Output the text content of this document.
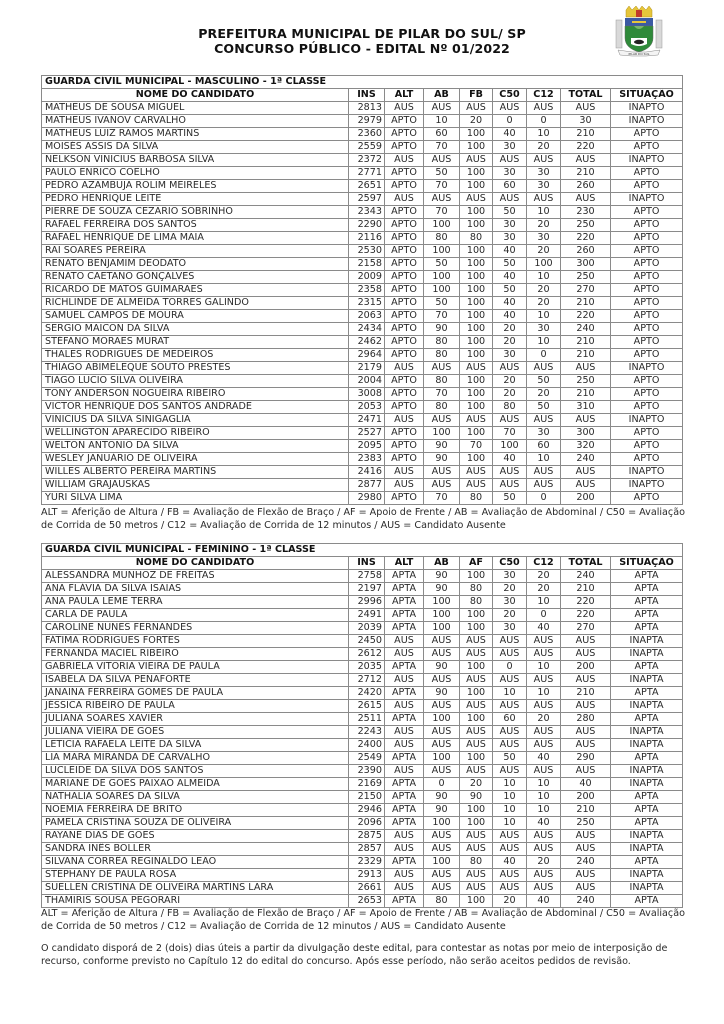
PREFEITURA MUNICIPAL DE PILAR DO SUL/ SP
CONCURSO PÚBLICO - EDITAL Nº 01/2022	PILAR DO SUL
GUARDA CÍVIL MUNICIPAL - MASCULINO - 1ª CLASSE								
NOME DO CANDIDATO	INS	ALT	AB	FB	C50	C12	TOTAL	SITUAÇÃO
MATHEUS DE SOUSA MIGUEL	2813	AUS	AUS	AUS	AUS	AUS	AUS	INAPTO
MATHEUS IVANOV CARVALHO	2979	APTO	10	20	0	0	30	INAPTO
MATHEUS LUIZ RAMOS MARTINS	2360	APTO	60	100	40	10	210	APTO
MOISÉS ASSIS DA SILVA	2559	APTO	70	100	30	20	220	APTO
NELKSON VINICIUS BARBOSA SILVA	2372	AUS	AUS	AUS	AUS	AUS	AUS	INAPTO
PAULO ENRICO COELHO	2771	APTO	50	100	30	30	210	APTO
PEDRO AZAMBUJA ROLIM MEIRELES	2651	APTO	70	100	60	30	260	APTO
PEDRO HENRIQUE LEITE	2597	AUS	AUS	AUS	AUS	AUS	AUS	INAPTO
PIERRE DE SOUZA CEZARIO SOBRINHO	2343	APTO	70	100	50	10	230	APTO
RAFAEL FERREIRA DOS SANTOS	2290	APTO	100	100	30	20	250	APTO
RAFAEL HENRIQUE DE LIMA MAIA	2116	APTO	80	80	30	30	220	APTO
RAI SOARES PEREIRA	2530	APTO	100	100	40	20	260	APTO
RENATO BENJAMIM DEODATO	2158	APTO	50	100	50	100	300	APTO
RENATO CAETANO GONÇALVES	2009	APTO	100	100	40	10	250	APTO
RICARDO DE MATOS GUIMARAES	2358	APTO	100	100	50	20	270	APTO
RICHLINDE DE ALMEIDA TORRES GALINDO	2315	APTO	50	100	40	20	210	APTO
SAMUEL CAMPOS DE MOURA	2063	APTO	70	100	40	10	220	APTO
SERGIO MAICON DA SILVA	2434	APTO	90	100	20	30	240	APTO
STÉFANO MORAES MURAT	2462	APTO	80	100	20	10	210	APTO
THALES RODRIGUES DE MEDEIROS	2964	APTO	80	100	30	0	210	APTO
THIAGO ABIMELEQUE SOUTO PRESTES	2179	AUS	AUS	AUS	AUS	AUS	AUS	INAPTO
TIAGO LUCIO SILVA OLIVEIRA	2004	APTO	80	100	20	50	250	APTO
TONY ANDERSON NOGUEIRA RIBEIRO	3008	APTO	70	100	20	20	210	APTO
VICTOR HENRIQUE DOS SANTOS ANDRADE	2053	APTO	80	100	80	50	310	APTO
VINICIUS DA SILVA SINIGAGLIA	2471	AUS	AUS	AUS	AUS	AUS	AUS	INAPTO
WELLINGTON APARECIDO RIBEIRO	2527	APTO	100	100	70	30	300	APTO
WELTON ANTONIO DA SILVA	2095	APTO	90	70	100	60	320	APTO
WESLEY JANUÁRIO DE OLIVEIRA	2383	APTO	90	100	40	10	240	APTO
WILLES ALBERTO PEREIRA MARTINS	2416	AUS	AUS	AUS	AUS	AUS	AUS	INAPTO
WILLIAM GRAJAUSKAS	2877	AUS	AUS	AUS	AUS	AUS	AUS	INAPTO
YURI SILVA LIMA	2980	APTO	70	80	50	0	200	APTO
ALT = Aferição de Altura / FB = Avaliação de Flexão de Braço / AF = Apoio de Frente / AB = Avaliação de Abdominal / C50 = Avaliação de Corrida de 50 metros / C12 = Avaliação de Corrida de 12 minutos / AUS = Candidato Ausente
GUARDA CÍVIL MUNICIPAL - FEMININO - 1ª CLASSE								
NOME DO CANDIDATO	INS	ALT	AB	AF	C50	C12	TOTAL	SITUAÇÃO
ALESSANDRA MUNHOZ DE FREITAS	2758	APTA	90	100	30	20	240	APTA
ANA FLÁVIA DA SILVA ISAIAS	2197	APTA	90	80	20	20	210	APTA
ANA PAULA LEME TERRA	2996	APTA	100	80	30	10	220	APTA
CARLA DE PAULA	2491	APTA	100	100	20	0	220	APTA
CAROLINE NUNES FERNANDES	2039	APTA	100	100	30	40	270	APTA
FÁTIMA RODRIGUES FORTES	2450	AUS	AUS	AUS	AUS	AUS	AUS	INAPTA
FERNANDA MACIEL RIBEIRO	2612	AUS	AUS	AUS	AUS	AUS	AUS	INAPTA
GABRIELA VITORIA VIEIRA DE PAULA	2035	APTA	90	100	0	10	200	APTA
ISABELA DA SILVA PENAFORTE	2712	AUS	AUS	AUS	AUS	AUS	AUS	INAPTA
JANAINA FERREIRA GOMES DE PAULA	2420	APTA	90	100	10	10	210	APTA
JÉSSICA RIBEIRO DE PAULA	2615	AUS	AUS	AUS	AUS	AUS	AUS	INAPTA
JULIANA SOARES XAVIER	2511	APTA	100	100	60	20	280	APTA
JULIANA VIEIRA DE GOES	2243	AUS	AUS	AUS	AUS	AUS	AUS	INAPTA
LETICIA RAFAELA LEITE DA SILVA	2400	AUS	AUS	AUS	AUS	AUS	AUS	INAPTA
LIA MARA MIRANDA DE CARVALHO	2549	APTA	100	100	50	40	290	APTA
LUCLEIDE DA SILVA DOS SANTOS	2390	AUS	AUS	AUS	AUS	AUS	AUS	INAPTA
MARIANE DE GOES PAIXAO ALMEIDA	2169	APTA	0	20	10	10	40	INAPTA
NATHALIA SOARES DA SILVA	2150	APTA	90	90	10	10	200	APTA
NOEMIA FERREIRA DE BRITO	2946	APTA	90	100	10	10	210	APTA
PAMELA CRISTINA SOUZA DE OLIVEIRA	2096	APTA	100	100	10	40	250	APTA
RAYANE DIAS DE GOES	2875	AUS	AUS	AUS	AUS	AUS	AUS	INAPTA
SANDRA INÊS BOLLER	2857	AUS	AUS	AUS	AUS	AUS	AUS	INAPTA
SILVANA CORRÊA REGINALDO LEÃO	2329	APTA	100	80	40	20	240	APTA
STEPHANY DE PAULA ROSA	2913	AUS	AUS	AUS	AUS	AUS	AUS	INAPTA
SUELLEN CRISTINA DE OLIVEIRA MARTINS LARA	2661	AUS	AUS	AUS	AUS	AUS	AUS	INAPTA
THAMIRIS SOUSA PEGORARI	2653	APTA	80	100	20	40	240	APTA
ALT = Aferição de Altura / FB = Avaliação de Flexão de Braço / AF = Apoio de Frente / AB = Avaliação de Abdominal / C50 = Avaliação de Corrida de 50 metros / C12 = Avaliação de Corrida de 12 minutos / AUS = Candidato Ausente
O candidato disporá de 2 (dois) dias úteis a partir da divulgação deste edital, para contestar as notas por meio de interposição de recurso, conforme previsto no Capítulo 12 do edital do concurso. Após esse período, não serão aceitos pedidos de revisão.
